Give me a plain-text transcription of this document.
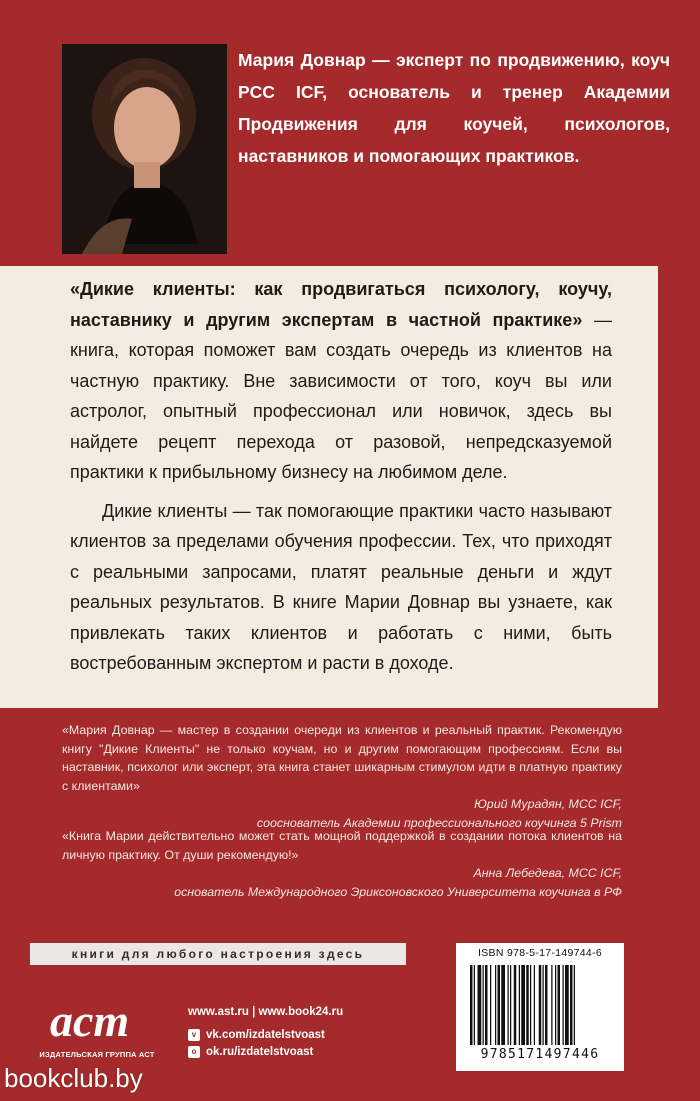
Мария Довнар — эксперт по продвижению, коуч PCC ICF, основатель и тренер Академии Продвижения для коучей, психологов, наставников и помогающих практиков.

«Дикие клиенты: как продвигаться психологу, коучу, наставнику и другим экспертам в частной практике» — книга, которая поможет вам создать очередь из клиентов на частную практику. Вне зависимости от того, коуч вы или астролог, опытный профессионал или новичок, здесь вы найдете рецепт перехода от разовой, непредсказуемой практики к прибыльному бизнесу на любимом деле.

Дикие клиенты — так помогающие практики часто называют клиентов за пределами обучения профессии. Тех, что приходят с реальными запросами, платят реальные деньги и ждут реальных результатов. В книге Марии Довнар вы узнаете, как привлекать таких клиентов и работать с ними, быть востребованным экспертом и расти в доходе.

«Мария Довнар — мастер в создании очереди из клиентов и реальный практик. Рекомендую книгу "Дикие Клиенты" не только коучам, но и другим помогающим профессиям. Если вы наставник, психолог или эксперт, эта книга станет шикарным стимулом идти в платную практику с клиентами»

Юрий Мурадян, MCC ICF,
сооснователь Академии профессионального коучинга 5 Prism

«Книга Марии действительно может стать мощной поддержкой в создании потока клиентов на личную практику. От души рекомендую!»

Анна Лебедева, MCC ICF,
основатель Международного Эриксоновского Университета коучинга в РФ
книги для любого настроения здесь
аст
ИЗДАТЕЛЬСКАЯ ГРУППА АСТ
www.ast.ru | www.book24.ru
v vk.com/izdatelstvoast
o ok.ru/izdatelstvoast
ISBN 978-5-17-149744-6
9785171497446
bookclub.by
